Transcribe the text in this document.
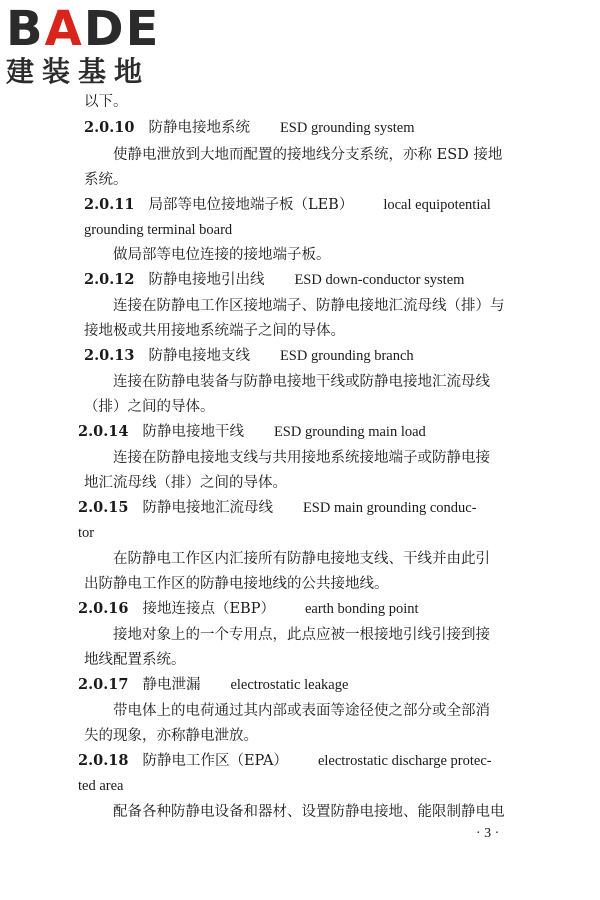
BADE
建装基地
以下。
2.0.10 防静电接地系统 ESD grounding system
使静电泄放到大地而配置的接地线分支系统，亦称 ESD 接地
系统。
2.0.11 局部等电位接地端子板（LEB） local equipotential
grounding terminal board
做局部等电位连接的接地端子板。
2.0.12 防静电接地引出线 ESD down-conductor system
连接在防静电工作区接地端子、防静电接地汇流母线（排）与
接地极或共用接地系统端子之间的导体。
2.0.13 防静电接地支线 ESD grounding branch
连接在防静电装备与防静电接地干线或防静电接地汇流母线
（排）之间的导体。
2.0.14 防静电接地干线 ESD grounding main load
连接在防静电接地支线与共用接地系统接地端子或防静电接
地汇流母线（排）之间的导体。
2.0.15 防静电接地汇流母线 ESD main grounding conduc-
tor
在防静电工作区内汇接所有防静电接地支线、干线并由此引
出防静电工作区的防静电接地线的公共接地线。
2.0.16 接地连接点（EBP） earth bonding point
接地对象上的一个专用点，此点应被一根接地引线引接到接
地线配置系统。
2.0.17 静电泄漏 electrostatic leakage
带电体上的电荷通过其内部或表面等途径使之部分或全部消
失的现象，亦称静电泄放。
2.0.18 防静电工作区（EPA） electrostatic discharge protec-
ted area
配备各种防静电设备和器材、设置防静电接地、能限制静电电
· 3 ·
